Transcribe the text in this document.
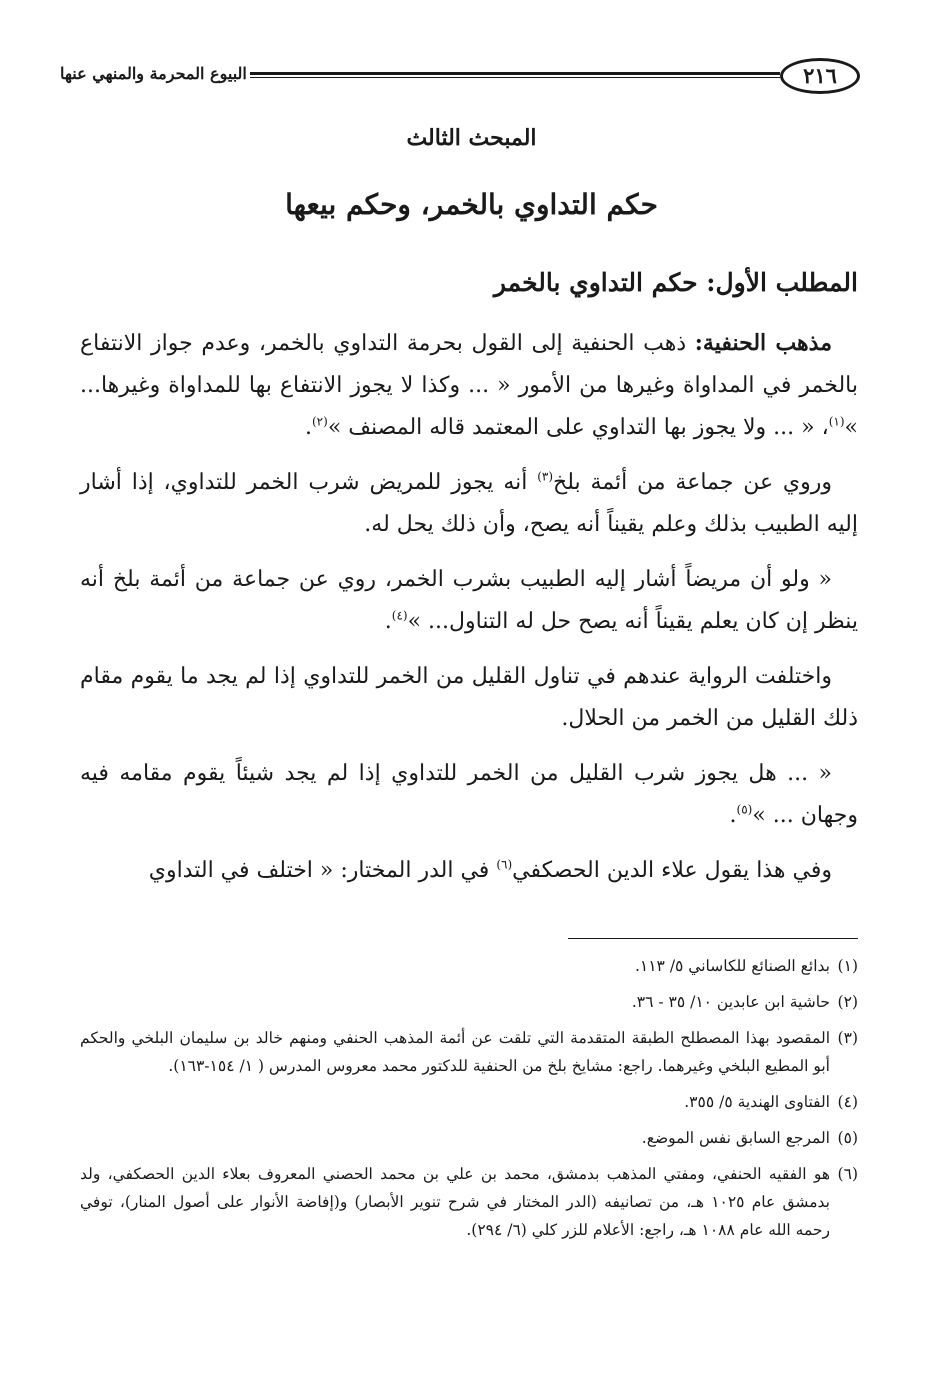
٢١٦
البيوع المحرمة والمنهي عنها
المبحث الثالث
حكم التداوي بالخمر، وحكم بيعها
المطلب الأول: حكم التداوي بالخمر

مذهب الحنفية: ذهب الحنفية إلى القول بحرمة التداوي بالخمر، وعدم جواز الانتفاع بالخمر في المداواة وغيرها من الأمور « ... وكذا لا يجوز الانتفاع بها للمداواة وغيرها... »$^{(١)}$، « ... ولا يجوز بها التداوي على المعتمد قاله المصنف »$^{(٢)}$.

وروي عن جماعة من أئمة بلخ$^{(٣)}$ أنه يجوز للمريض شرب الخمر للتداوي، إذا أشار إليه الطبيب بذلك وعلم يقيناً أنه يصح، وأن ذلك يحل له.

« ولو أن مريضاً أشار إليه الطبيب بشرب الخمر، روي عن جماعة من أئمة بلخ أنه ينظر إن كان يعلم يقيناً أنه يصح حل له التناول... »$^{(٤)}$.

واختلفت الرواية عندهم في تناول القليل من الخمر للتداوي إذا لم يجد ما يقوم مقام ذلك القليل من الخمر من الحلال.

« ... هل يجوز شرب القليل من الخمر للتداوي إذا لم يجد شيئاً يقوم مقامه فيه وجهان ... »$^{(٥)}$.

وفي هذا يقول علاء الدين الحصكفي$^{(٦)}$ في الدر المختار: « اختلف في التداوي

(١)
بدائع الصنائع للكاساني ٥/ ١١٣.
(٢)
حاشية ابن عابدين ١٠/ ٣٥ - ٣٦.
(٣)
المقصود بهذا المصطلح الطبقة المتقدمة التي تلقت عن أئمة المذهب الحنفي ومنهم خالد بن سليمان البلخي والحكم أبو المطيع البلخي وغيرهما. راجع: مشايخ بلخ من الحنفية للدكتور محمد معروس المدرس ( ١/ ١٥٤-١٦٣).
(٤)
الفتاوى الهندية ٥/ ٣٥٥.
(٥)
المرجع السابق نفس الموضع.
(٦)
هو الفقيه الحنفي، ومفتي المذهب بدمشق، محمد بن علي بن محمد الحصني المعروف بعلاء الدين الحصكفي، ولد بدمشق عام ١٠٢٥ هـ، من تصانيفه (الدر المختار في شرح تنوير الأبصار) و(إفاضة الأنوار على أصول المنار)، توفي رحمه الله عام ١٠٨٨ هـ، راجع: الأعلام للزر كلي (٦/ ٢٩٤).
